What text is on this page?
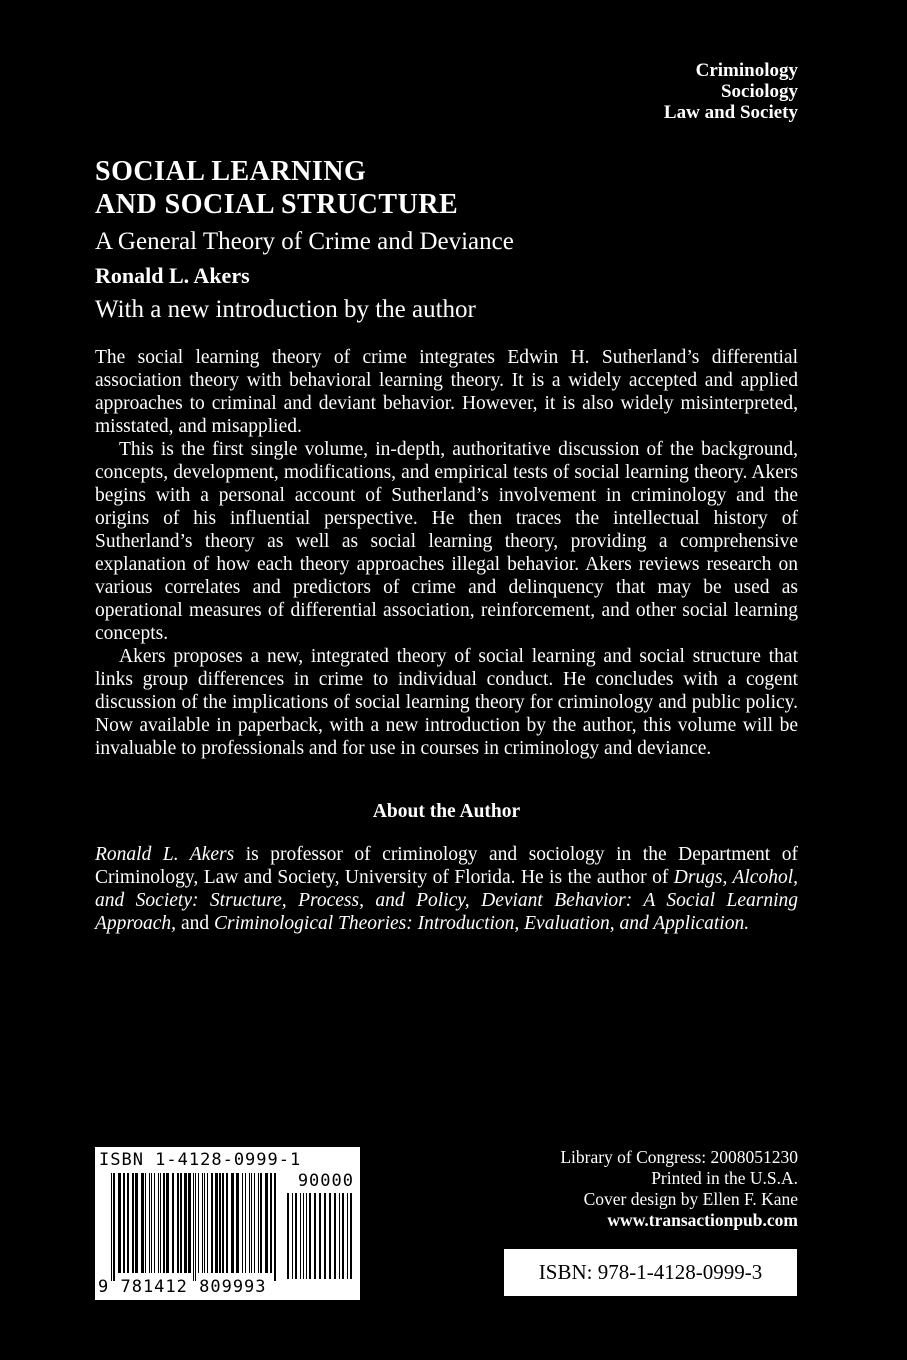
Criminology
Sociology
Law and Society
SOCIAL LEARNING
AND SOCIAL STRUCTURE
A General Theory of Crime and Deviance
Ronald L. Akers
With a new introduction by the author

The social learning theory of crime integrates Edwin H. Sutherland’s differential association theory with behavioral learning theory. It is a widely accepted and applied approaches to criminal and deviant behavior. However, it is also widely misinterpreted, misstated, and misapplied.

This is the first single volume, in-depth, authoritative discussion of the background, concepts, development, modifications, and empirical tests of social learning theory. Akers begins with a personal account of Sutherland’s involvement in criminology and the origins of his influential perspective. He then traces the intellectual history of Sutherland’s theory as well as social learning theory, providing a comprehensive explanation of how each theory approaches illegal behavior. Akers reviews research on various correlates and predictors of crime and delinquency that may be used as operational measures of differential association, reinforcement, and other social learning concepts.

Akers proposes a new, integrated theory of social learning and social structure that links group differences in crime to individual conduct. He concludes with a cogent discussion of the implications of social learning theory for criminology and public policy. Now available in paperback, with a new introduction by the author, this volume will be invaluable to professionals and for use in courses in criminology and deviance.

About the Author

Ronald L. Akers is professor of criminology and sociology in the Department of Criminology, Law and Society, University of Florida. He is the author of Drugs, Alcohol, and Society: Structure, Process, and Policy, Deviant Behavior: A Social Learning Approach, and Criminological Theories: Introduction, Evaluation, and Application.

ISBN 1-4128-0999-1
90000
9 781412 809993
Library of Congress: 2008051230
Printed in the U.S.A.
Cover design by Ellen F. Kane
www.transactionpub.com
ISBN: 978-1-4128-0999-3
